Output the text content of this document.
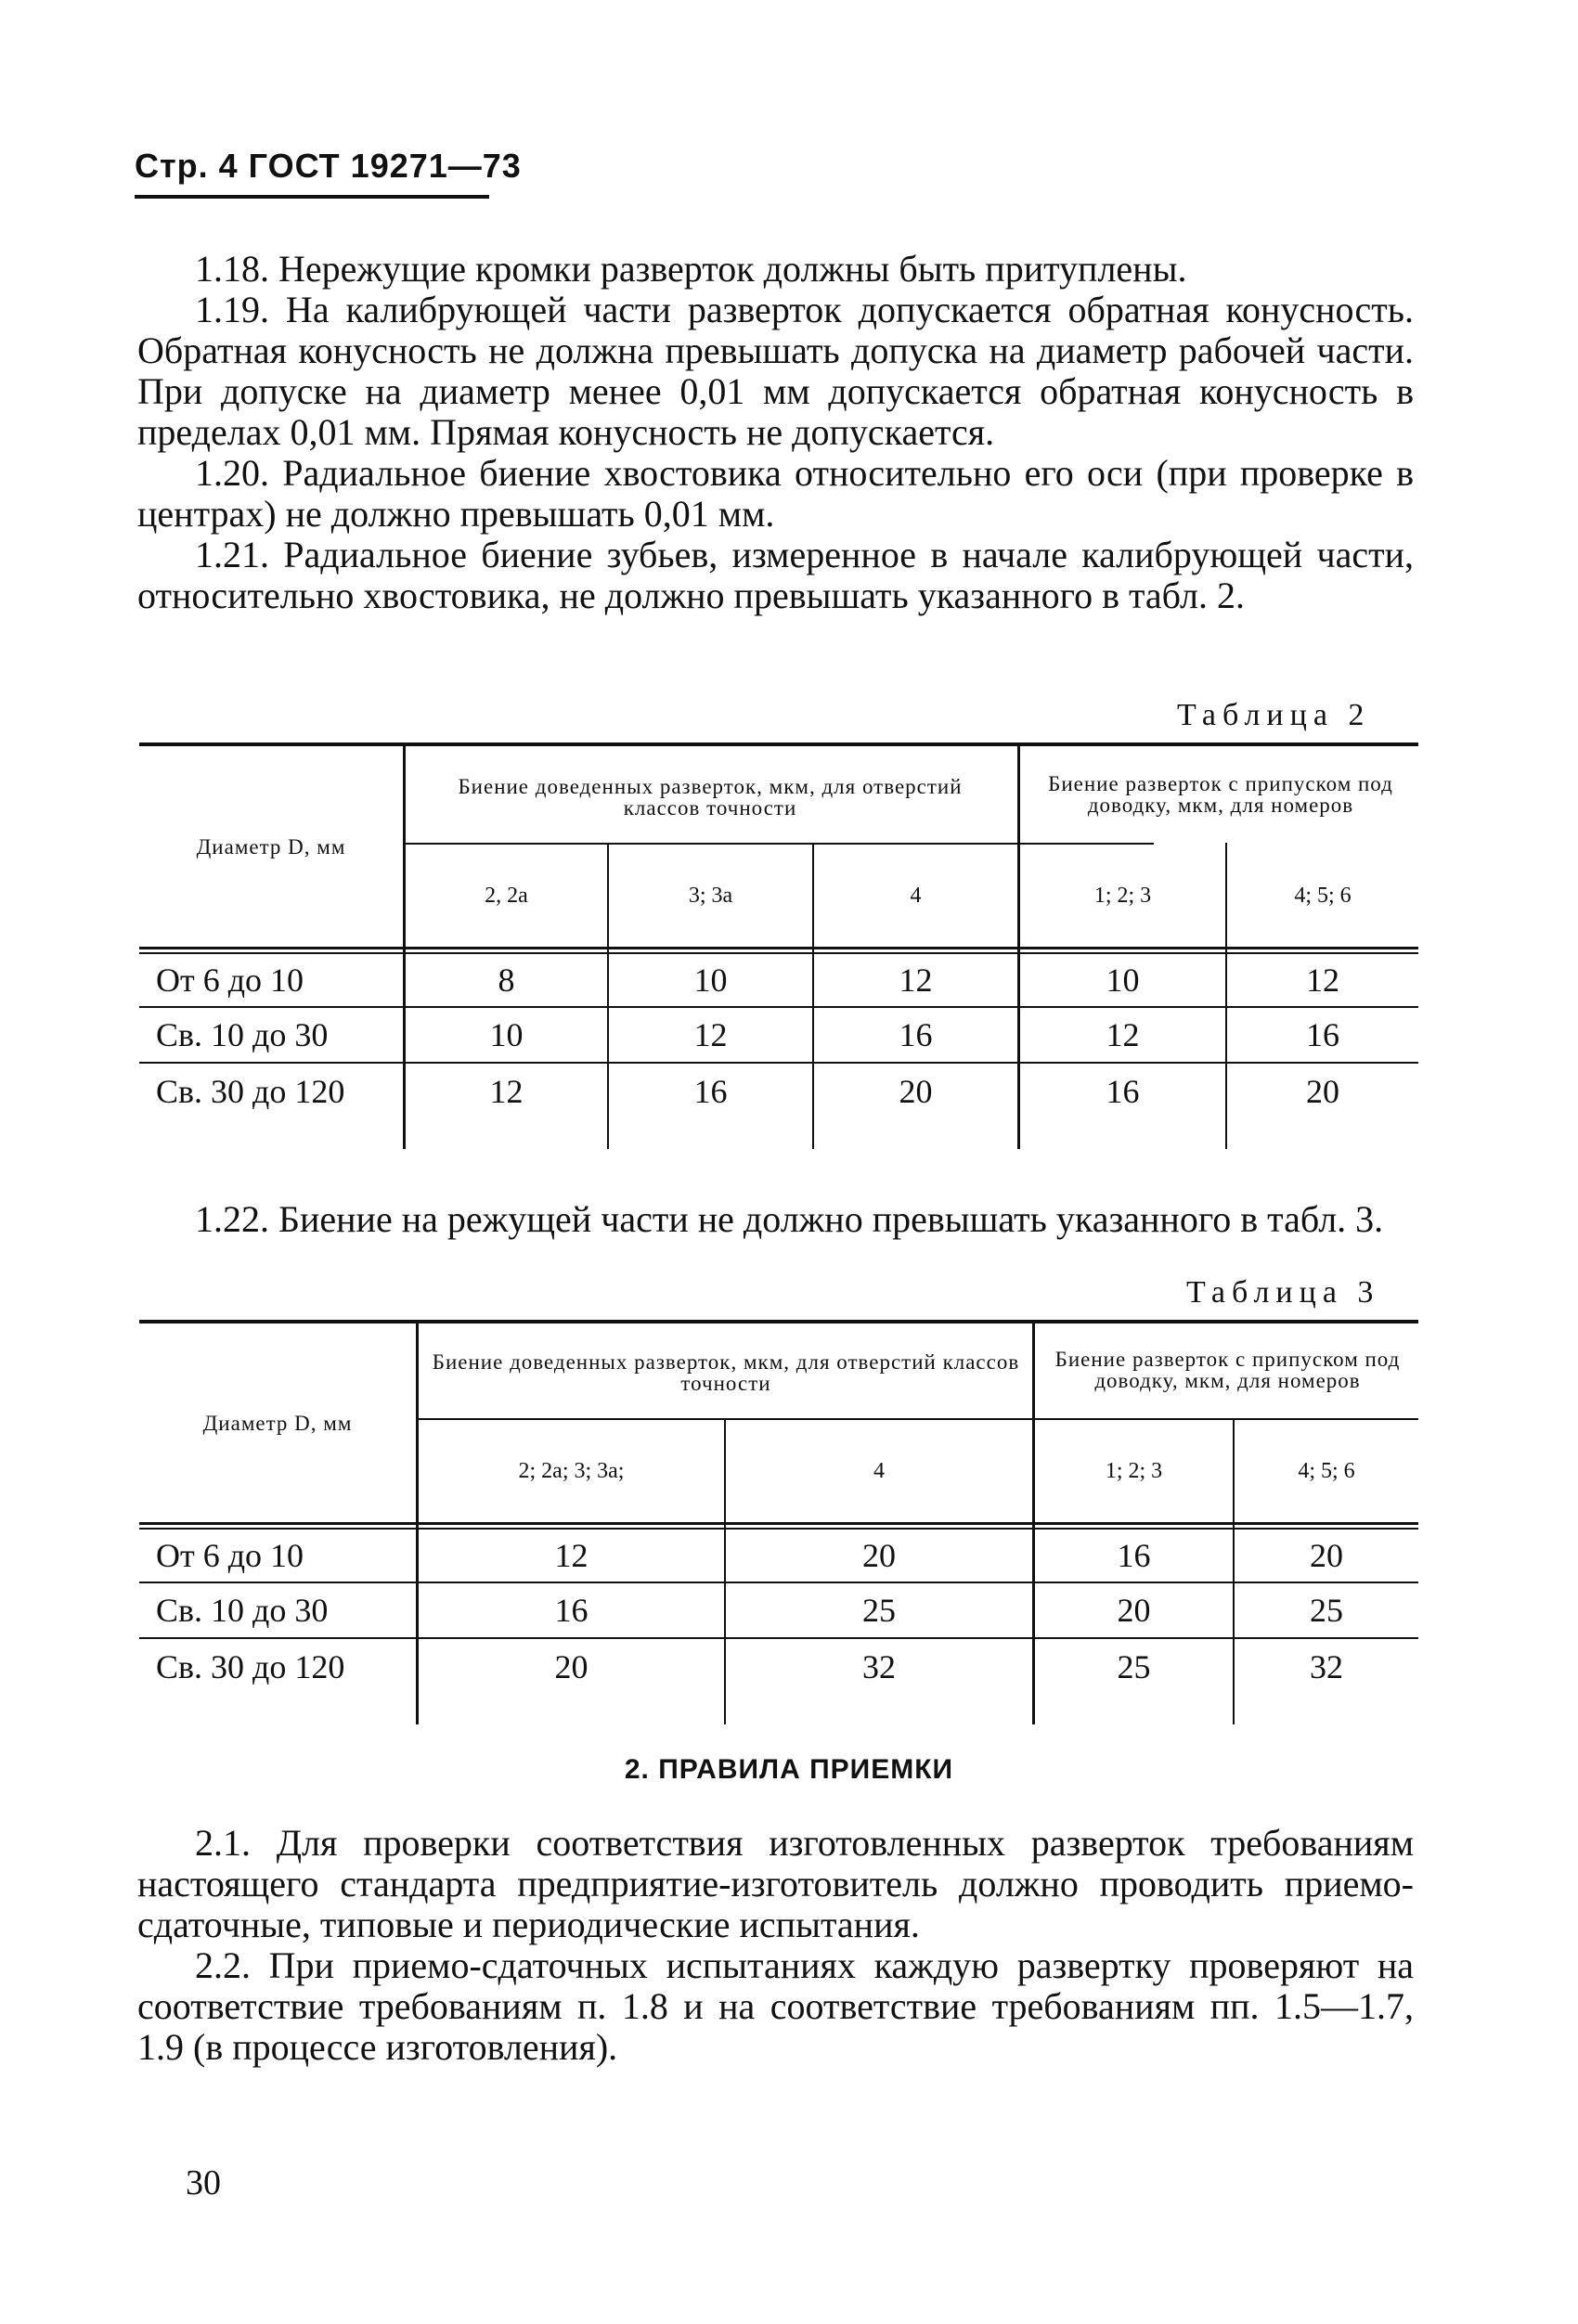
Стр. 4 ГОСТ 19271—73

1.18. Нережущие кромки разверток должны быть притуплены.

1.19. На калибрующей части разверток допускается обратная конусность. Обратная конусность не должна превышать допуска на диаметр рабочей части. При допуске на диаметр менее 0,01 мм допускается обратная конусность в пределах 0,01 мм. Прямая конусность не допускается.

1.20. Радиальное биение хвостовика относительно его оси (при проверке в центрах) не должно превышать 0,01 мм.

1.21. Радиальное биение зубьев, измеренное в начале калибрующей части, относительно хвостовика, не должно превышать указанного в табл. 2.

Таблица 2
Диаметр D, мм
Биение доведенных разверток, мкм, для отверстий классов точности
Биение разверток с припуском под доводку, мкм, для номеров
2, 2а	3; 3а	4	1; 2; 3	4; 5; 6
От 6 до 10	8	10	12	10	12
Св. 10 до 30	10	12	16	12	16
Св. 30 до 120	12	16	20	16	20

1.22. Биение на режущей части не должно превышать указанного в табл. 3.

Таблица 3
Диаметр D, мм
Биение доведенных разверток, мкм, для отверстий классов точности
Биение разверток с припуском под доводку, мкм, для номеров
2; 2а; 3; 3а;	4	1; 2; 3	4; 5; 6
От 6 до 10	12	20	16	20
Св. 10 до 30	16	25	20	25
Св. 30 до 120	20	32	25	32
2. ПРАВИЛА ПРИЕМКИ

2.1. Для проверки соответствия изготовленных разверток требованиям настоящего стандарта предприятие-изготовитель должно проводить приемо-сдаточные, типовые и периодические испытания.

2.2. При приемо-сдаточных испытаниях каждую развертку проверяют на соответствие требованиям п. 1.8 и на соответствие требованиям пп. 1.5—1.7, 1.9 (в процессе изготовления).

30
